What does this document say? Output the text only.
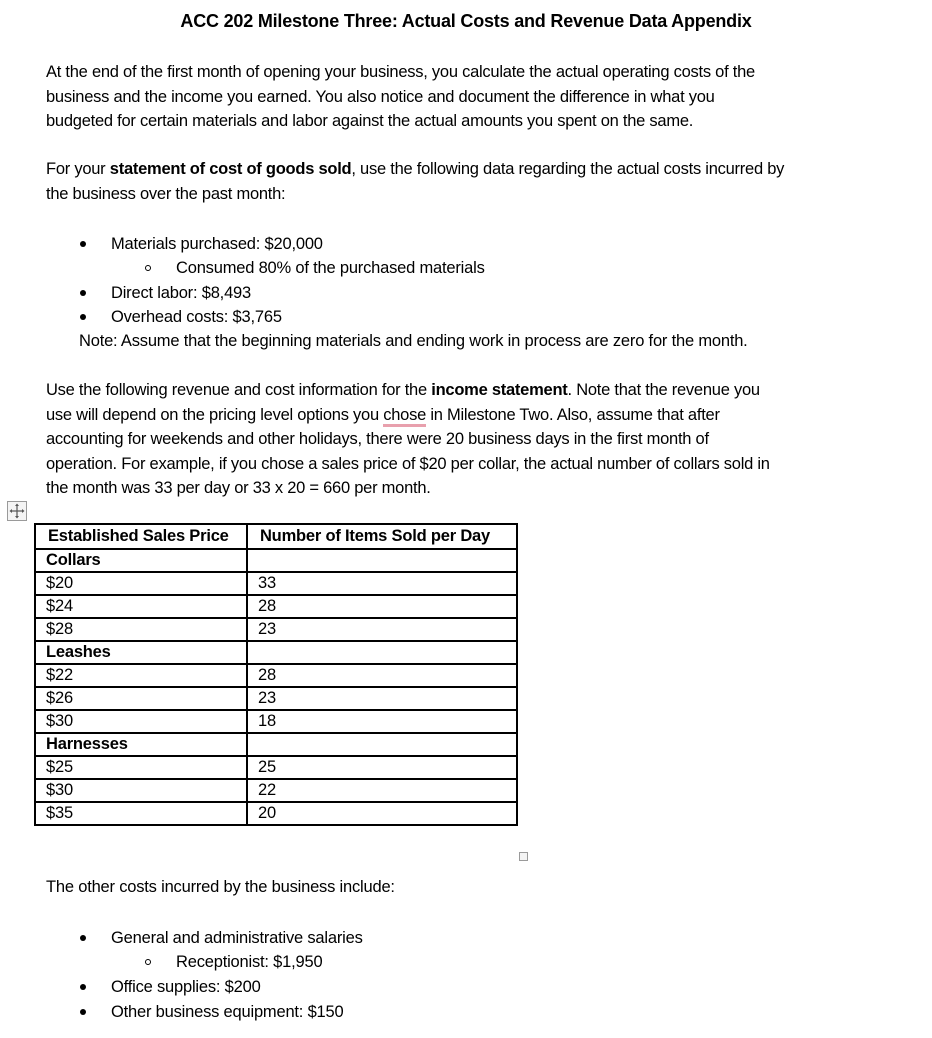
ACC 202 Milestone Three: Actual Costs and Revenue Data Appendix
At the end of the first month of opening your business, you calculate the actual operating costs of the
business and the income you earned. You also notice and document the difference in what you
budgeted for certain materials and labor against the actual amounts you spent on the same.
For your statement of cost of goods sold, use the following data regarding the actual costs incurred by
the business over the past month:
Materials purchased: $20,000
Consumed 80% of the purchased materials
Direct labor: $8,493
Overhead costs: $3,765
Note: Assume that the beginning materials and ending work in process are zero for the month.
Use the following revenue and cost information for the income statement. Note that the revenue you
use will depend on the pricing level options you chose in Milestone Two. Also, assume that after
accounting for weekends and other holidays, there were 20 business days in the first month of
operation. For example, if you chose a sales price of $20 per collar, the actual number of collars sold in
the month was 33 per day or 33 x 20 = 660 per month.
Established Sales Price	Number of Items Sold per Day
Collars	
$20	33
$24	28
$28	23
Leashes	
$22	28
$26	23
$30	18
Harnesses	
$25	25
$30	22
$35	20
The other costs incurred by the business include:
General and administrative salaries
Receptionist: $1,950
Office supplies: $200
Other business equipment: $150
